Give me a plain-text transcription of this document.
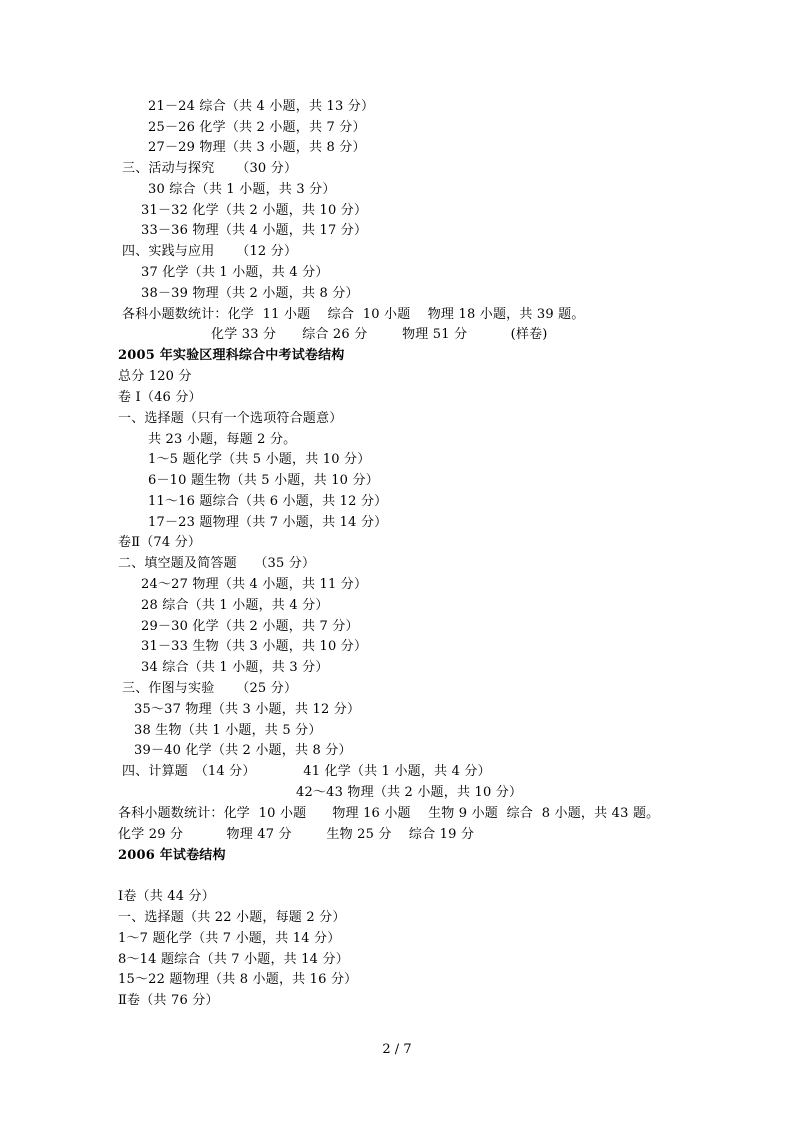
21－24 综合（共 4 小题，共 13 分）
25－26 化学（共 2 小题，共 7 分）
27－29 物理（共 3 小题，共 8 分）
三、活动与探究　  （30 分）
30 综合（共 1 小题，共 3 分）
31－32 化学（共 2 小题，共 10 分）
33－36 物理（共 4 小题，共 17 分）
四、实践与应用　  （12 分）
37 化学（共 1 小题，共 4 分）
38－39 物理（共 2 小题，共 8 分）
各科小题数统计：化学  11 小题    综合  10 小题    物理 18 小题，共 39 题。
化学 33 分      综合 26 分        物理 51 分          (样卷)
2005 年实验区理科综合中考试卷结构
总分 120 分
卷 I（46 分）
一、选择题（只有一个选项符合题意）
共 23 小题，每题 2 分。
1～5 题化学（共 5 小题，共 10 分）
6－10 题生物（共 5 小题，共 10 分）
11～16 题综合（共 6 小题，共 12 分）
17－23 题物理（共 7 小题，共 14 分）
卷Ⅱ（74 分）
二、填空题及简答题　 （35 分）
24～27 物理（共 4 小题，共 11 分）
28 综合（共 1 小题，共 4 分）
29－30 化学（共 2 小题，共 7 分）
31－33 生物（共 3 小题，共 10 分）
34 综合（共 1 小题，共 3 分）
三、作图与实验　  （25 分）
35～37 物理（共 3 小题，共 12 分）
38 生物（共 1 小题，共 5 分）
39－40 化学（共 2 小题，共 8 分）
四、计算题　（14 分）           41 化学（共 1 小题，共 4 分）
42～43 物理（共 2 小题，共 10 分）
各科小题数统计：化学  10 小题      物理 16 小题    生物 9 小题  综合  8 小题，共 43 题。
化学 29 分          物理 47 分        生物 25 分    综合 19 分
2006 年试卷结构
Ⅰ卷（共 44 分）
一、选择题（共 22 小题，每题 2 分）
1～7 题化学（共 7 小题，共 14 分）
8～14 题综合（共 7 小题，共 14 分）
15～22 题物理（共 8 小题，共 16 分）
Ⅱ卷（共 76 分）
2 / 7
